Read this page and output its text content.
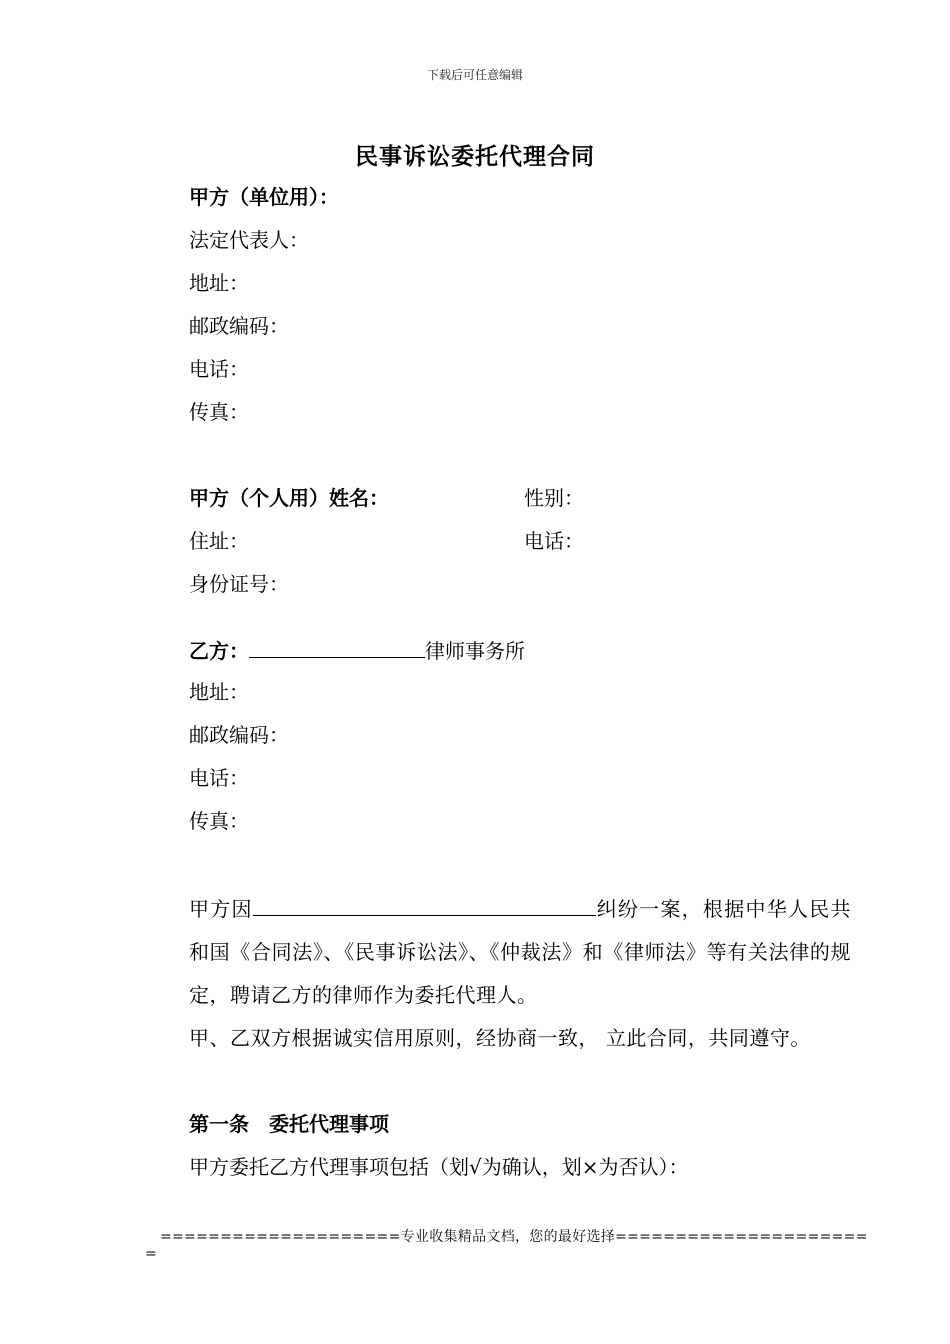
下载后可任意编辑
民事诉讼委托代理合同
甲方（单位用）：
法定代表人：
地址：
邮政编码：
电话：
传真：
甲方（个人用）姓名：	性别：
住址：	电话：
身份证号：
乙方：	律师事务所
地址：
邮政编码：
电话：
传真：
甲方因	纠纷一案，根据中华人民共和国《合同法》、《民事诉讼法》、《仲裁法》和《律师法》等有关法律的规定，聘请乙方的律师作为委托代理人。
甲、乙双方根据诚实信用原则，经协商一致， 立此合同，共同遵守。
第一条　委托代理事项
甲方委托乙方代理事项包括（划√为确认，划×为否认）：
====================专业收集精品文档，您的最好选择=====================
=
